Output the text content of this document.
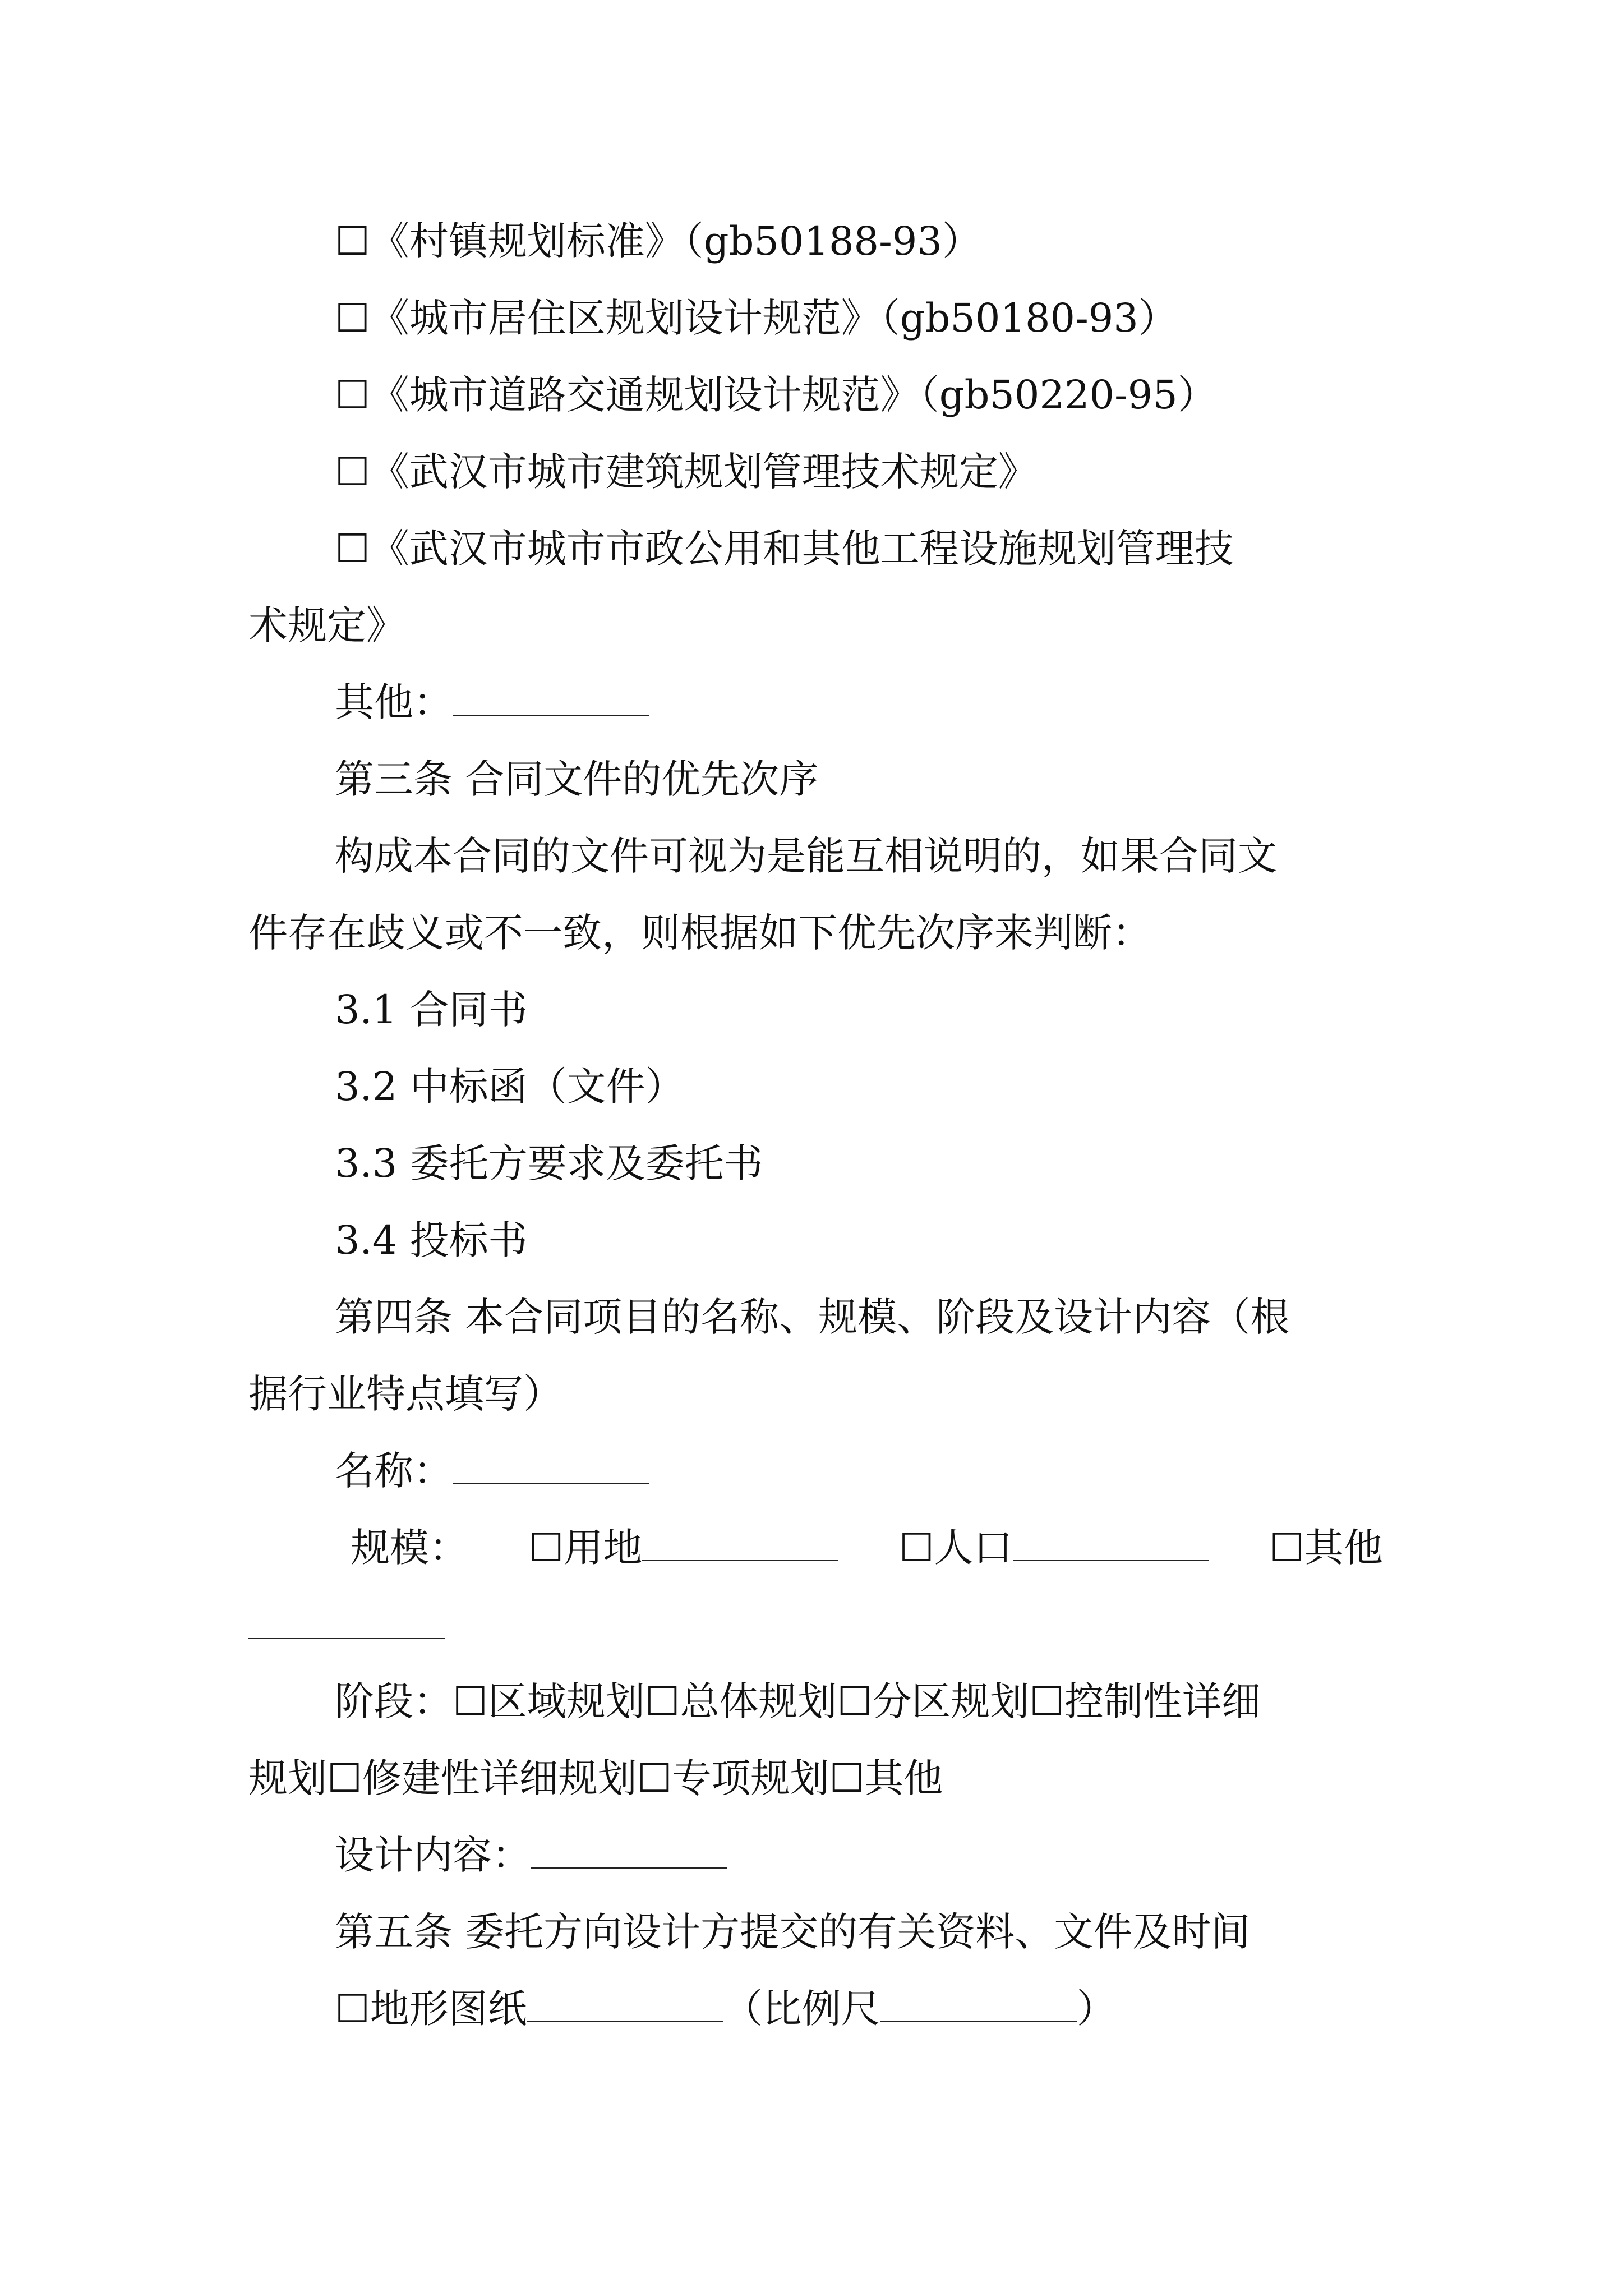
☐《村镇规划标准》（gb50188-93）
☐《城市居住区规划设计规范》（gb50180-93）
☐《城市道路交通规划设计规范》（gb50220-95）
☐《武汉市城市建筑规划管理技术规定》
☐《武汉市城市市政公用和其他工程设施规划管理技
术规定》
其他：
第三条 合同文件的优先次序
构成本合同的文件可视为是能互相说明的，如果合同文
件存在歧义或不一致，则根据如下优先次序来判断：
3.1 合同书
3.2 中标函（文件）
3.3 委托方要求及委托书
3.4 投标书
第四条 本合同项目的名称、规模、阶段及设计内容（根
据行业特点填写）
名称：
规模： ☐用地	☐人口	☐其他
阶段：☐区域规划☐总体规划☐分区规划☐控制性详细
规划☐修建性详细规划☐专项规划☐其他
设计内容：
第五条 委托方向设计方提交的有关资料、文件及时间
☐地形图纸	（比例尺	）
